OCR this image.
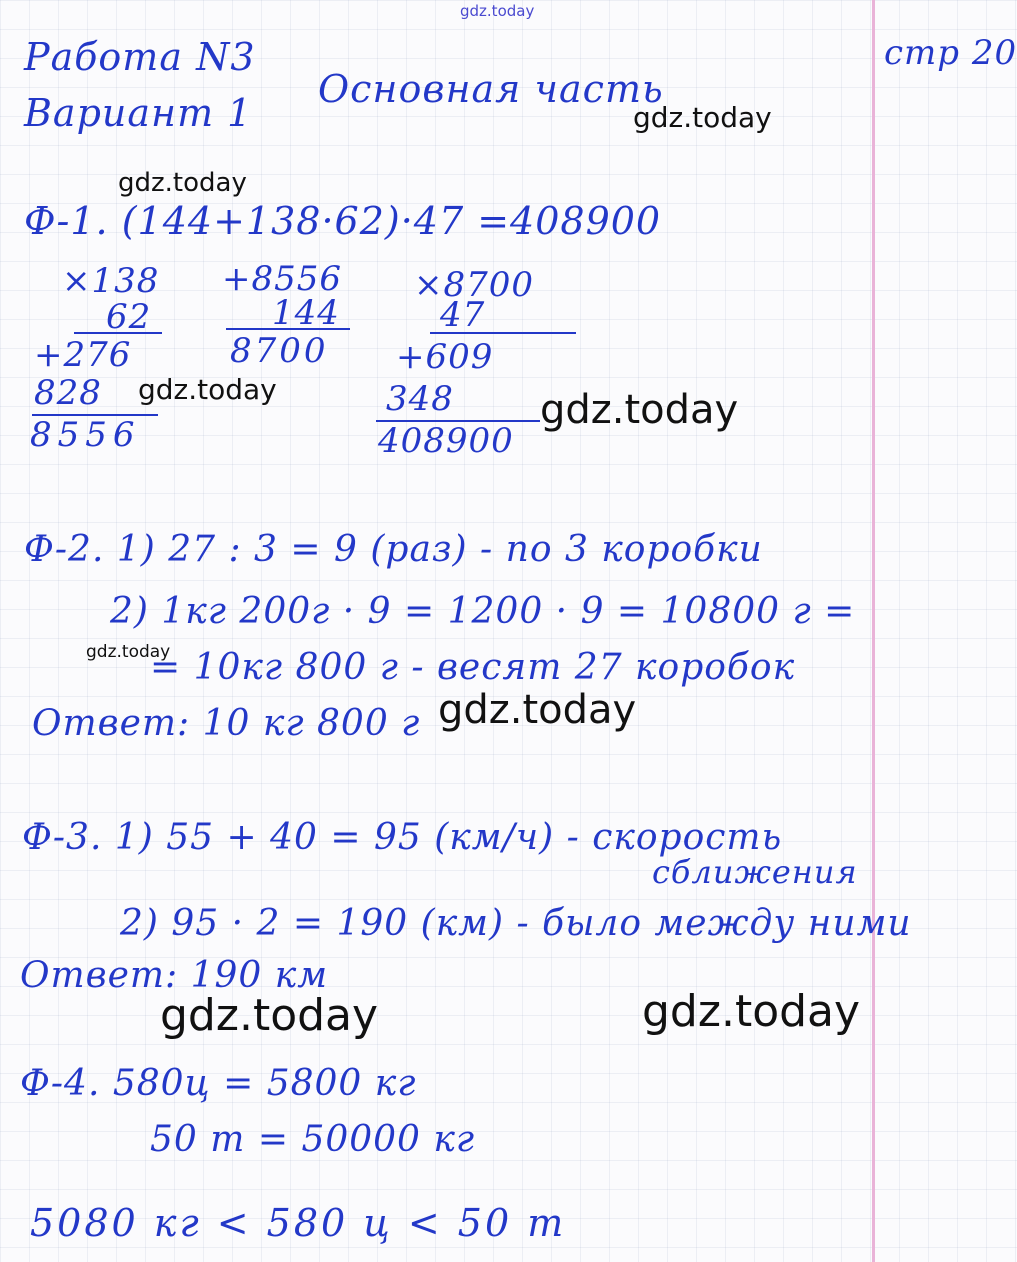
gdz.today
gdz.today
gdz.today
gdz.today	gdz.today
gdz.today
gdz.today
gdz.today	gdz.today
Работа N3
Вариант 1
Основная часть
стр 20
Ф-1. (144+138·62)·47 =408900
×138
62
+276
828
8556
+8556
144
8700
×8700
47
+609
348
408900
Ф-2. 1) 27 : 3 = 9 (раз) - по 3 коробки
2) 1кг 200г · 9 = 1200 · 9 = 10800 г =
= 10кг 800 г - весят 27 коробок
Ответ: 10 кг 800 г
Ф-3. 1) 55 + 40 = 95 (км/ч) - скорость
сближения
2) 95 · 2 = 190 (км) - было между ними
Ответ: 190 км
Ф-4. 580ц = 5800 кг
50 т = 50000 кг
5080 кг < 580 ц < 50 т
